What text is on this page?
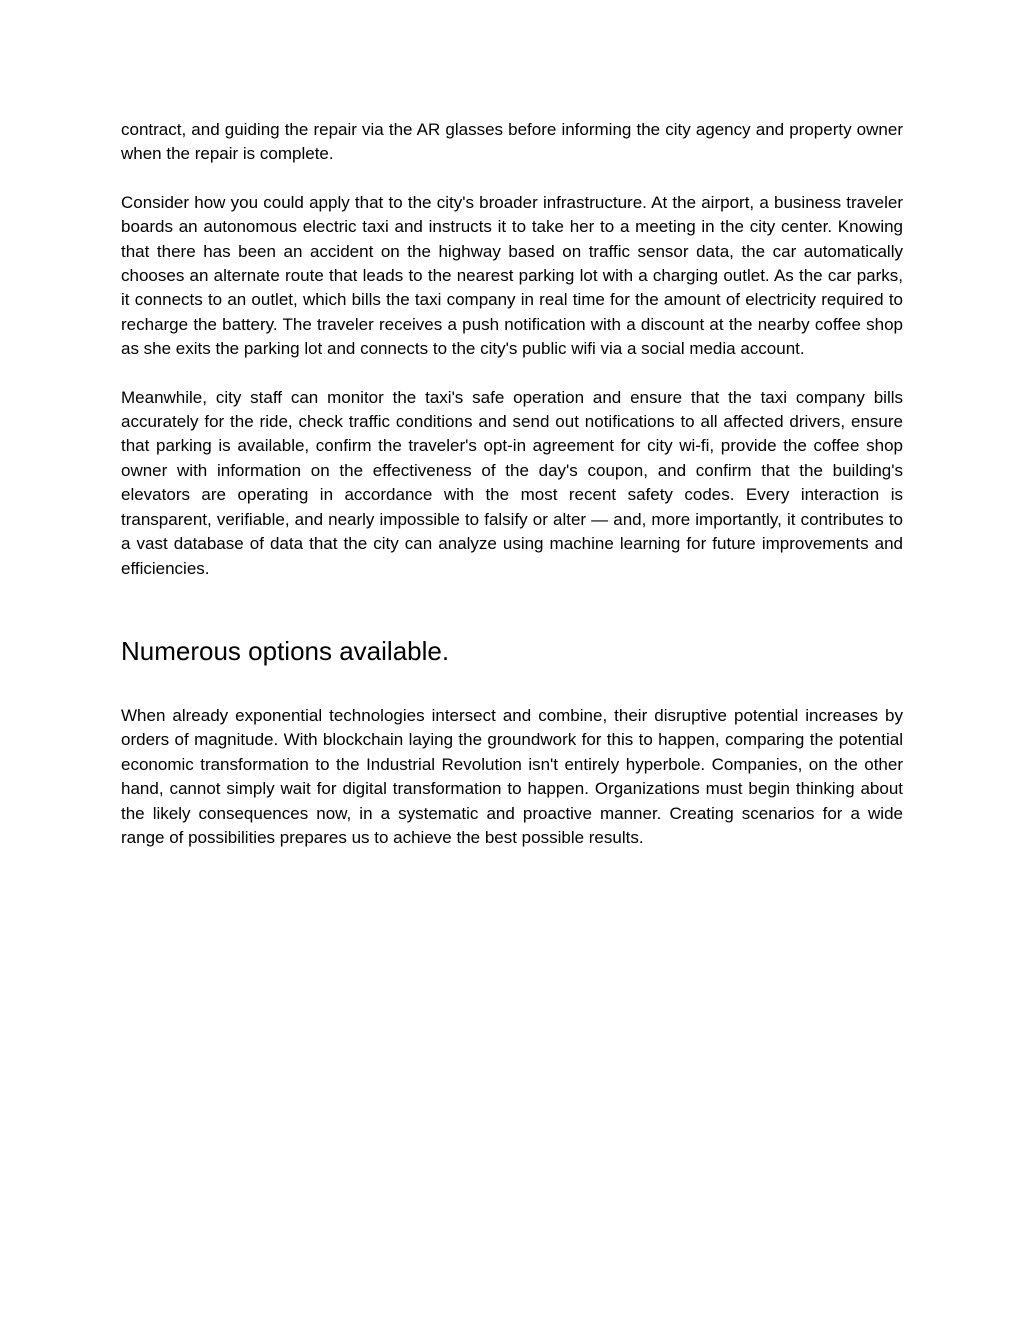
contract, and guiding the repair via the AR glasses before informing the city agency and property owner when the repair is complete.

Consider how you could apply that to the city's broader infrastructure. At the airport, a business traveler boards an autonomous electric taxi and instructs it to take her to a meeting in the city center. Knowing that there has been an accident on the highway based on traffic sensor data, the car automatically chooses an alternate route that leads to the nearest parking lot with a charging outlet. As the car parks, it connects to an outlet, which bills the taxi company in real time for the amount of electricity required to recharge the battery. The traveler receives a push notification with a discount at the nearby coffee shop as she exits the parking lot and connects to the city's public wifi via a social media account.

Meanwhile, city staff can monitor the taxi's safe operation and ensure that the taxi company bills accurately for the ride, check traffic conditions and send out notifications to all affected drivers, ensure that parking is available, confirm the traveler's opt-in agreement for city wi-fi, provide the coffee shop owner with information on the effectiveness of the day's coupon, and confirm that the building's elevators are operating in accordance with the most recent safety codes. Every interaction is transparent, verifiable, and nearly impossible to falsify or alter — and, more importantly, it contributes to a vast database of data that the city can analyze using machine learning for future improvements and efficiencies.

Numerous options available.

When already exponential technologies intersect and combine, their disruptive potential increases by orders of magnitude. With blockchain laying the groundwork for this to happen, comparing the potential economic transformation to the Industrial Revolution isn't entirely hyperbole. Companies, on the other hand, cannot simply wait for digital transformation to happen. Organizations must begin thinking about the likely consequences now, in a systematic and proactive manner. Creating scenarios for a wide range of possibilities prepares us to achieve the best possible results.
